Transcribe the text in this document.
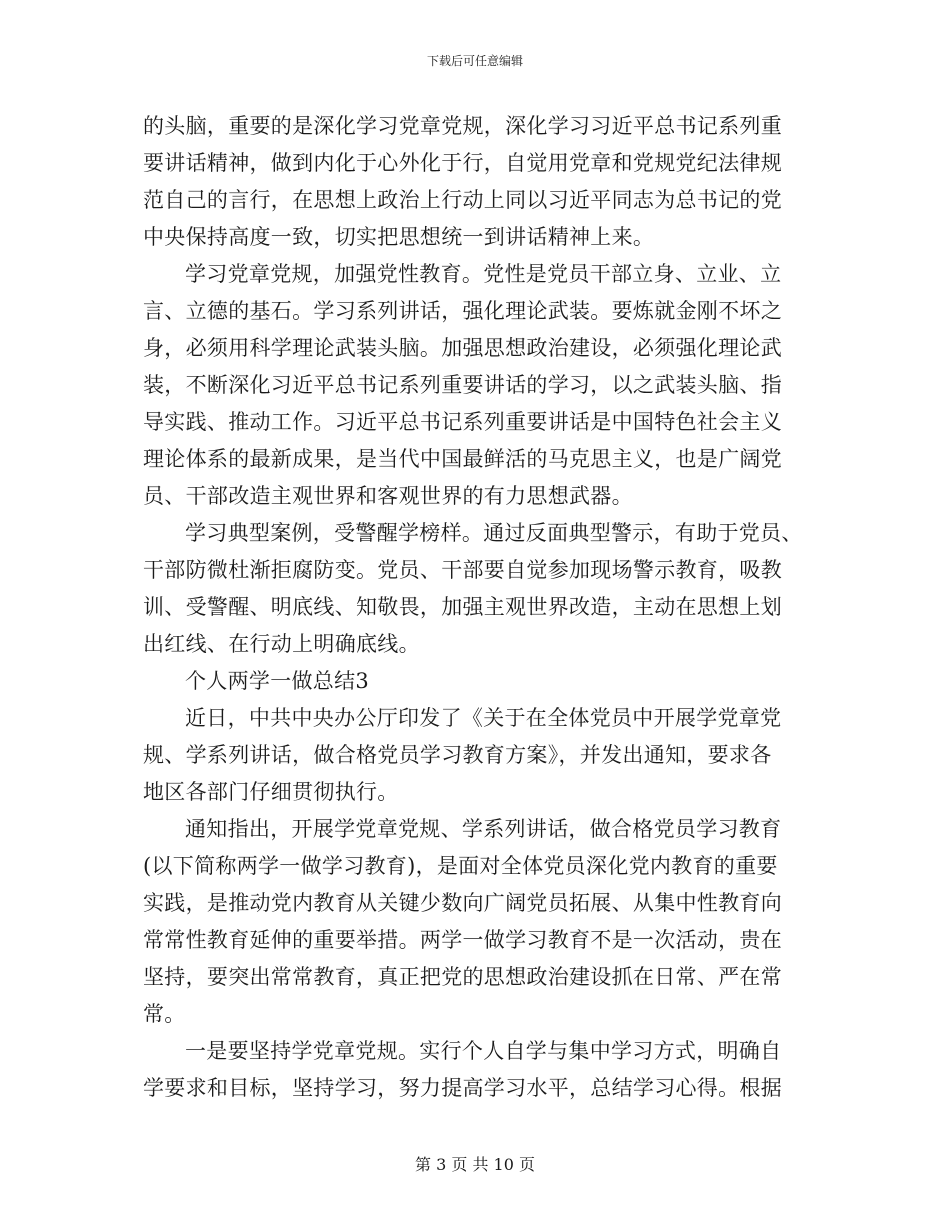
下载后可任意编辑
的头脑，重要的是深化学习党章党规，深化学习习近平总书记系列重
要讲话精神，做到内化于心外化于行，自觉用党章和党规党纪法律规
范自己的言行，在思想上政治上行动上同以习近平同志为总书记的党
中央保持高度一致，切实把思想统一到讲话精神上来。
学习党章党规，加强党性教育。党性是党员干部立身、立业、立
言、立德的基石。学习系列讲话，强化理论武装。要炼就金刚不坏之
身，必须用科学理论武装头脑。加强思想政治建设，必须强化理论武
装，不断深化习近平总书记系列重要讲话的学习，以之武装头脑、指
导实践、推动工作。习近平总书记系列重要讲话是中国特色社会主义
理论体系的最新成果，是当代中国最鲜活的马克思主义，也是广阔党
员、干部改造主观世界和客观世界的有力思想武器。
学习典型案例，受警醒学榜样。通过反面典型警示，有助于党员、
干部防微杜渐拒腐防变。党员、干部要自觉参加现场警示教育，吸教
训、受警醒、明底线、知敬畏，加强主观世界改造，主动在思想上划
出红线、在行动上明确底线。
个人两学一做总结3
近日，中共中央办公厅印发了《关于在全体党员中开展学党章党
规、学系列讲话，做合格党员学习教育方案》，并发出通知，要求各
地区各部门仔细贯彻执行。
通知指出，开展学党章党规、学系列讲话，做合格党员学习教育
(以下简称两学一做学习教育)，是面对全体党员深化党内教育的重要
实践，是推动党内教育从关键少数向广阔党员拓展、从集中性教育向
常常性教育延伸的重要举措。两学一做学习教育不是一次活动，贵在
坚持，要突出常常教育，真正把党的思想政治建设抓在日常、严在常
常。
一是要坚持学党章党规。实行个人自学与集中学习方式，明确自
学要求和目标，坚持学习，努力提高学习水平，总结学习心得。根据
第 3 页 共 10 页
